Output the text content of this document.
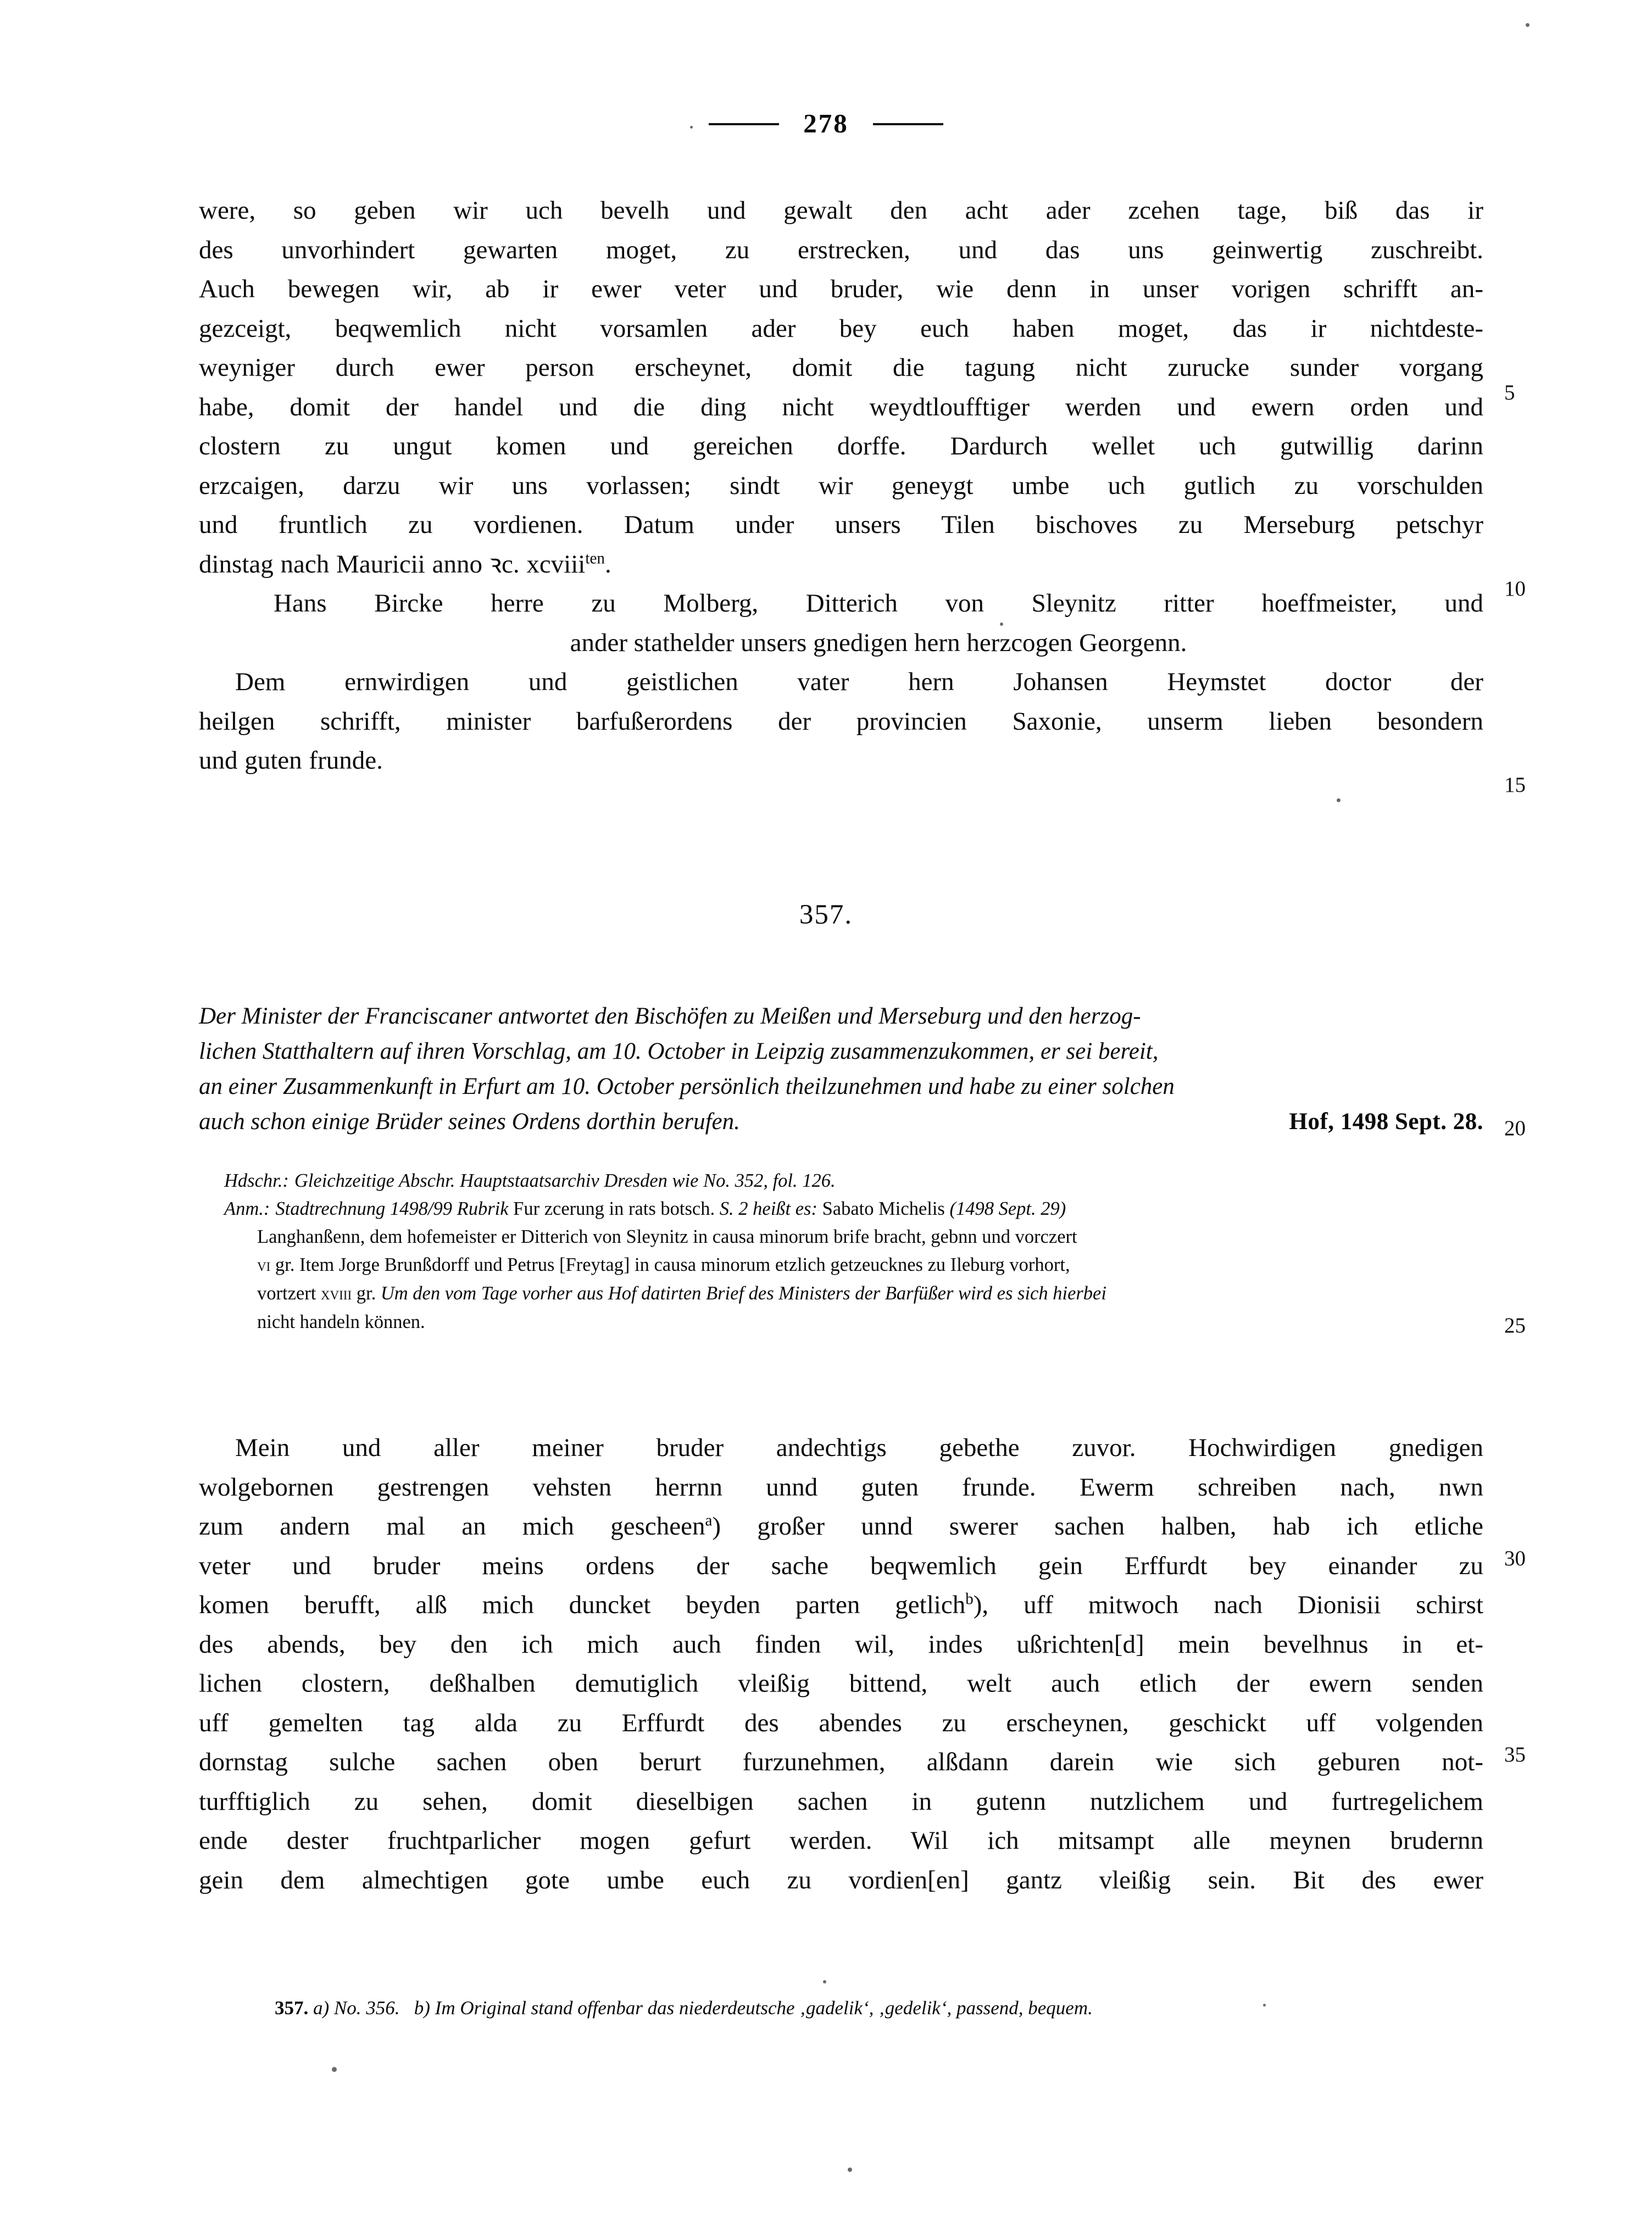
278

were, so geben wir uch bevelh und gewalt den acht ader zcehen tage, biß das ir

des unvorhindert gewarten moget, zu erstrecken, und das uns geinwertig zuschreibt.

Auch bewegen wir, ab ir ewer veter und bruder, wie denn in unser vorigen schrifft an-

gezceigt, beqwemlich nicht vorsamlen ader bey euch haben moget, das ir nichtdeste-

weyniger durch ewer person erscheynet, domit die tagung nicht zurucke sunder vorgang

habe, domit der handel und die ding nicht weydtloufftiger werden und ewern orden und

clostern zu ungut komen und gereichen dorffe. Dardurch wellet uch gutwillig darinn

erzcaigen, darzu wir uns vorlassen; sindt wir geneygt umbe uch gutlich zu vorschulden

und fruntlich zu vordienen. Datum under unsers Tilen bischoves zu Merseburg petschyr

dinstag nach Mauricii anno ꝛc. xcviii$^{ten}$.

Hans Bircke herre zu Molberg, Ditterich von Sleynitz ritter hoeffmeister, und

ander stathelder unsers gnedigen hern herzcogen Georgenn.

Dem ernwirdigen und geistlichen vater hern Johansen Heymstet doctor der

heilgen schrifft, minister barfußerordens der provincien Saxonie, unserm lieben besondern

und guten frunde.

5
10
15
357.

Der Minister der Franciscaner antwortet den Bischöfen zu Meißen und Merseburg und den herzog-

lichen Statthaltern auf ihren Vorschlag, am 10. October in Leipzig zusammenzukommen, er sei bereit,

an einer Zusammenkunft in Erfurt am 10. October persönlich theilzunehmen und habe zu einer solchen

auch schon einige Brüder seines Ordens dorthin berufen.	Hof, 1498 Sept. 28. 20

Hdschr.: Gleichzeitige Abschr. Hauptstaatsarchiv Dresden wie No. 352, fol. 126.

Anm.: Stadtrechnung 1498/99 Rubrik Fur zcerung in rats botsch. S. 2 heißt es: Sabato Michelis (1498 Sept. 29)

Langhanßenn, dem hofemeister er Ditterich von Sleynitz in causa minorum brife bracht, gebnn und vorczert

vi gr. Item Jorge Brunßdorff und Petrus [Freytag] in causa minorum etzlich getzeucknes zu Ileburg vorhort,

vortzert xviii gr. Um den vom Tage vorher aus Hof datirten Brief des Ministers der Barfüßer wird es sich hierbei

nicht handeln können.	25

Mein und aller meiner bruder andechtigs gebethe zuvor. Hochwirdigen gnedigen

wolgebornen gestrengen vehsten herrnn unnd guten frunde. Ewerm schreiben nach, nwn

zum andern mal an mich gescheen$^a$) großer unnd swerer sachen halben, hab ich etliche

veter und bruder meins ordens der sache beqwemlich gein Erffurdt bey einander zu

komen berufft, alß mich duncket beyden parten getlich$^b$), uff mitwoch nach Dionisii schirst

des abends, bey den ich mich auch finden wil, indes ußrichten[d] mein bevelhnus in et-

lichen clostern, deßhalben demutiglich vleißig bittend, welt auch etlich der ewern senden

uff gemelten tag alda zu Erffurdt des abendes zu erscheynen, geschickt uff volgenden

dornstag sulche sachen oben berurt furzunehmen, alßdann darein wie sich geburen not-

turfftiglich zu sehen, domit dieselbigen sachen in gutenn nutzlichem und furtregelichem

ende dester fruchtparlicher mogen gefurt werden. Wil ich mitsampt alle meynen brudernn

gein dem almechtigen gote umbe euch zu vordien[en] gantz vleißig sein. Bit des ewer

30
35
357. a) No. 356. b) Im Original stand offenbar das niederdeutsche ‚gadelik‘, ‚gedelik‘, passend, bequem.
